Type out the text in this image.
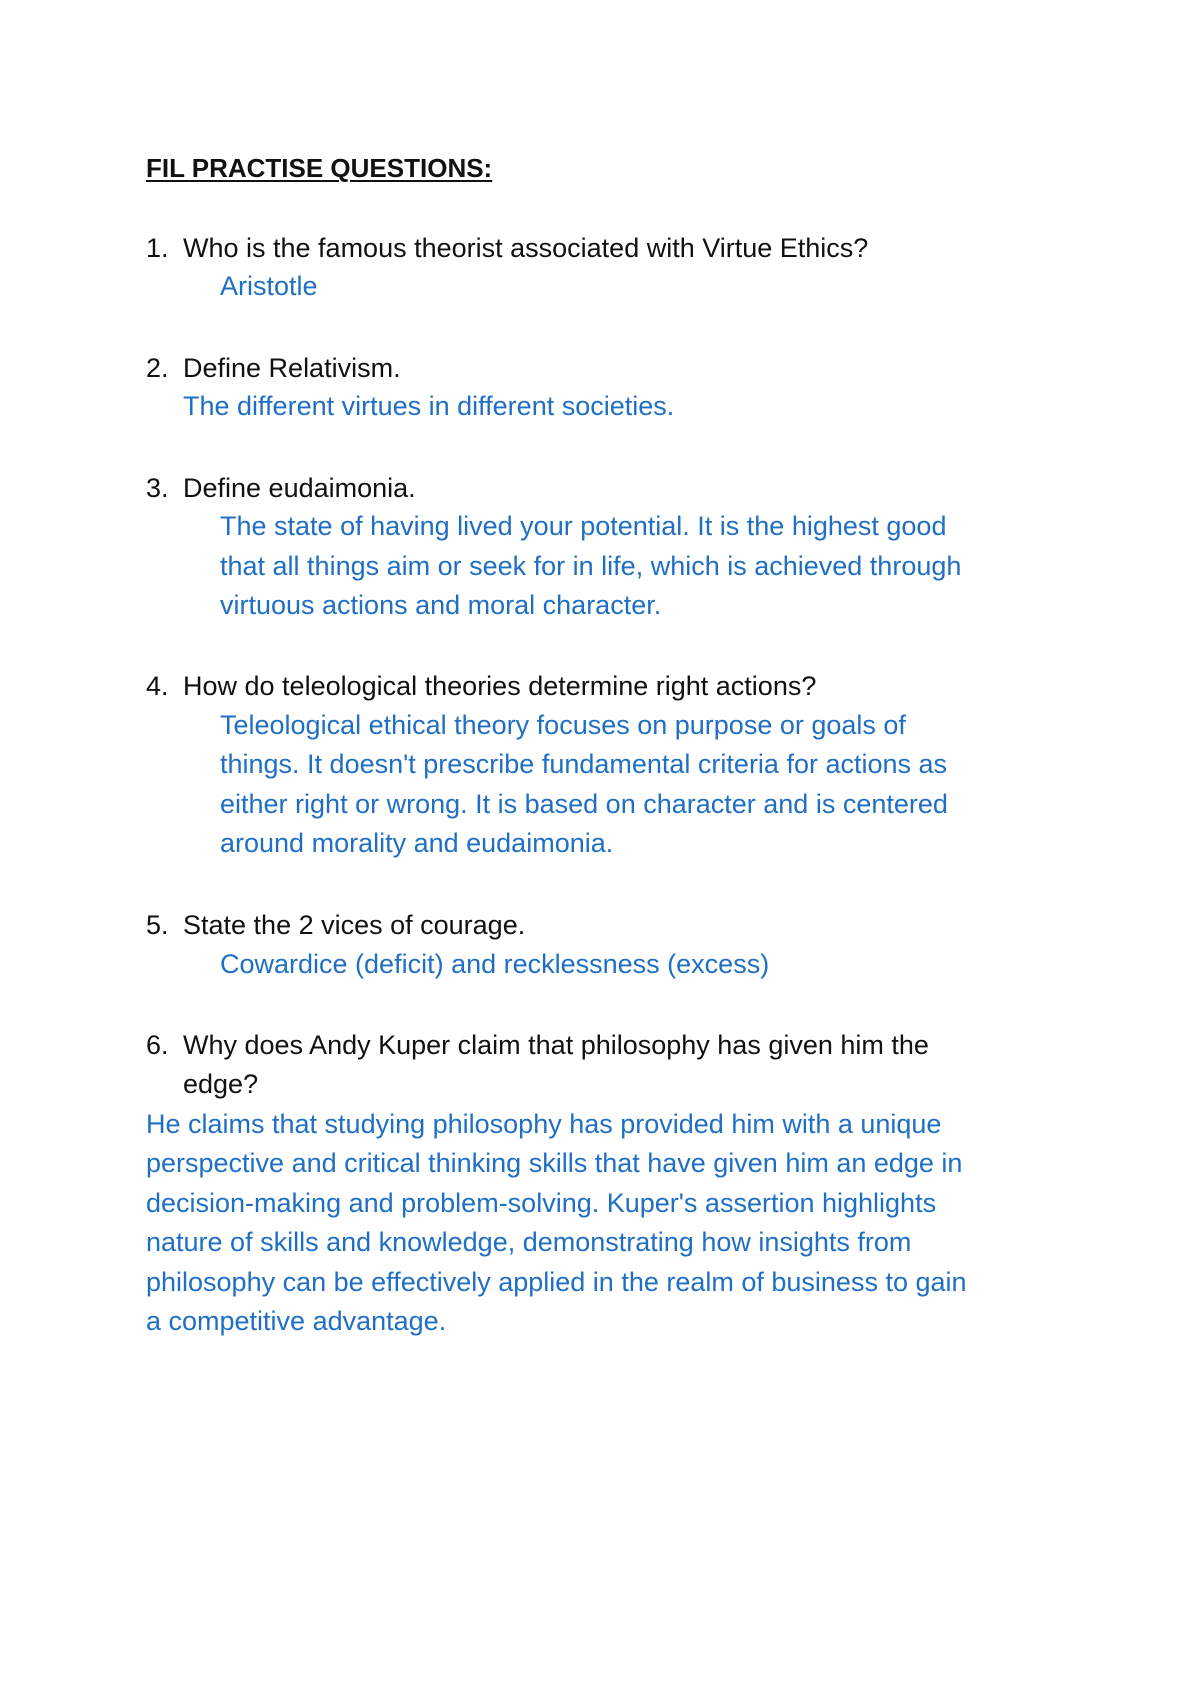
FIL PRACTISE QUESTIONS:
1. Who is the famous theorist associated with Virtue Ethics?
Aristotle
2. Define Relativism.
The different virtues in different societies.
3. Define eudaimonia.
The state of having lived your potential. It is the highest good
that all things aim or seek for in life, which is achieved through
virtuous actions and moral character.
4. How do teleological theories determine right actions?
Teleological ethical theory focuses on purpose or goals of
things. It doesn't prescribe fundamental criteria for actions as
either right or wrong. It is based on character and is centered
around morality and eudaimonia.
5. State the 2 vices of courage.
Cowardice (deficit) and recklessness (excess)
6. Why does Andy Kuper claim that philosophy has given him the
edge?
He claims that studying philosophy has provided him with a unique
perspective and critical thinking skills that have given him an edge in
decision-making and problem-solving. Kuper's assertion highlights
nature of skills and knowledge, demonstrating how insights from
philosophy can be effectively applied in the realm of business to gain
a competitive advantage.
